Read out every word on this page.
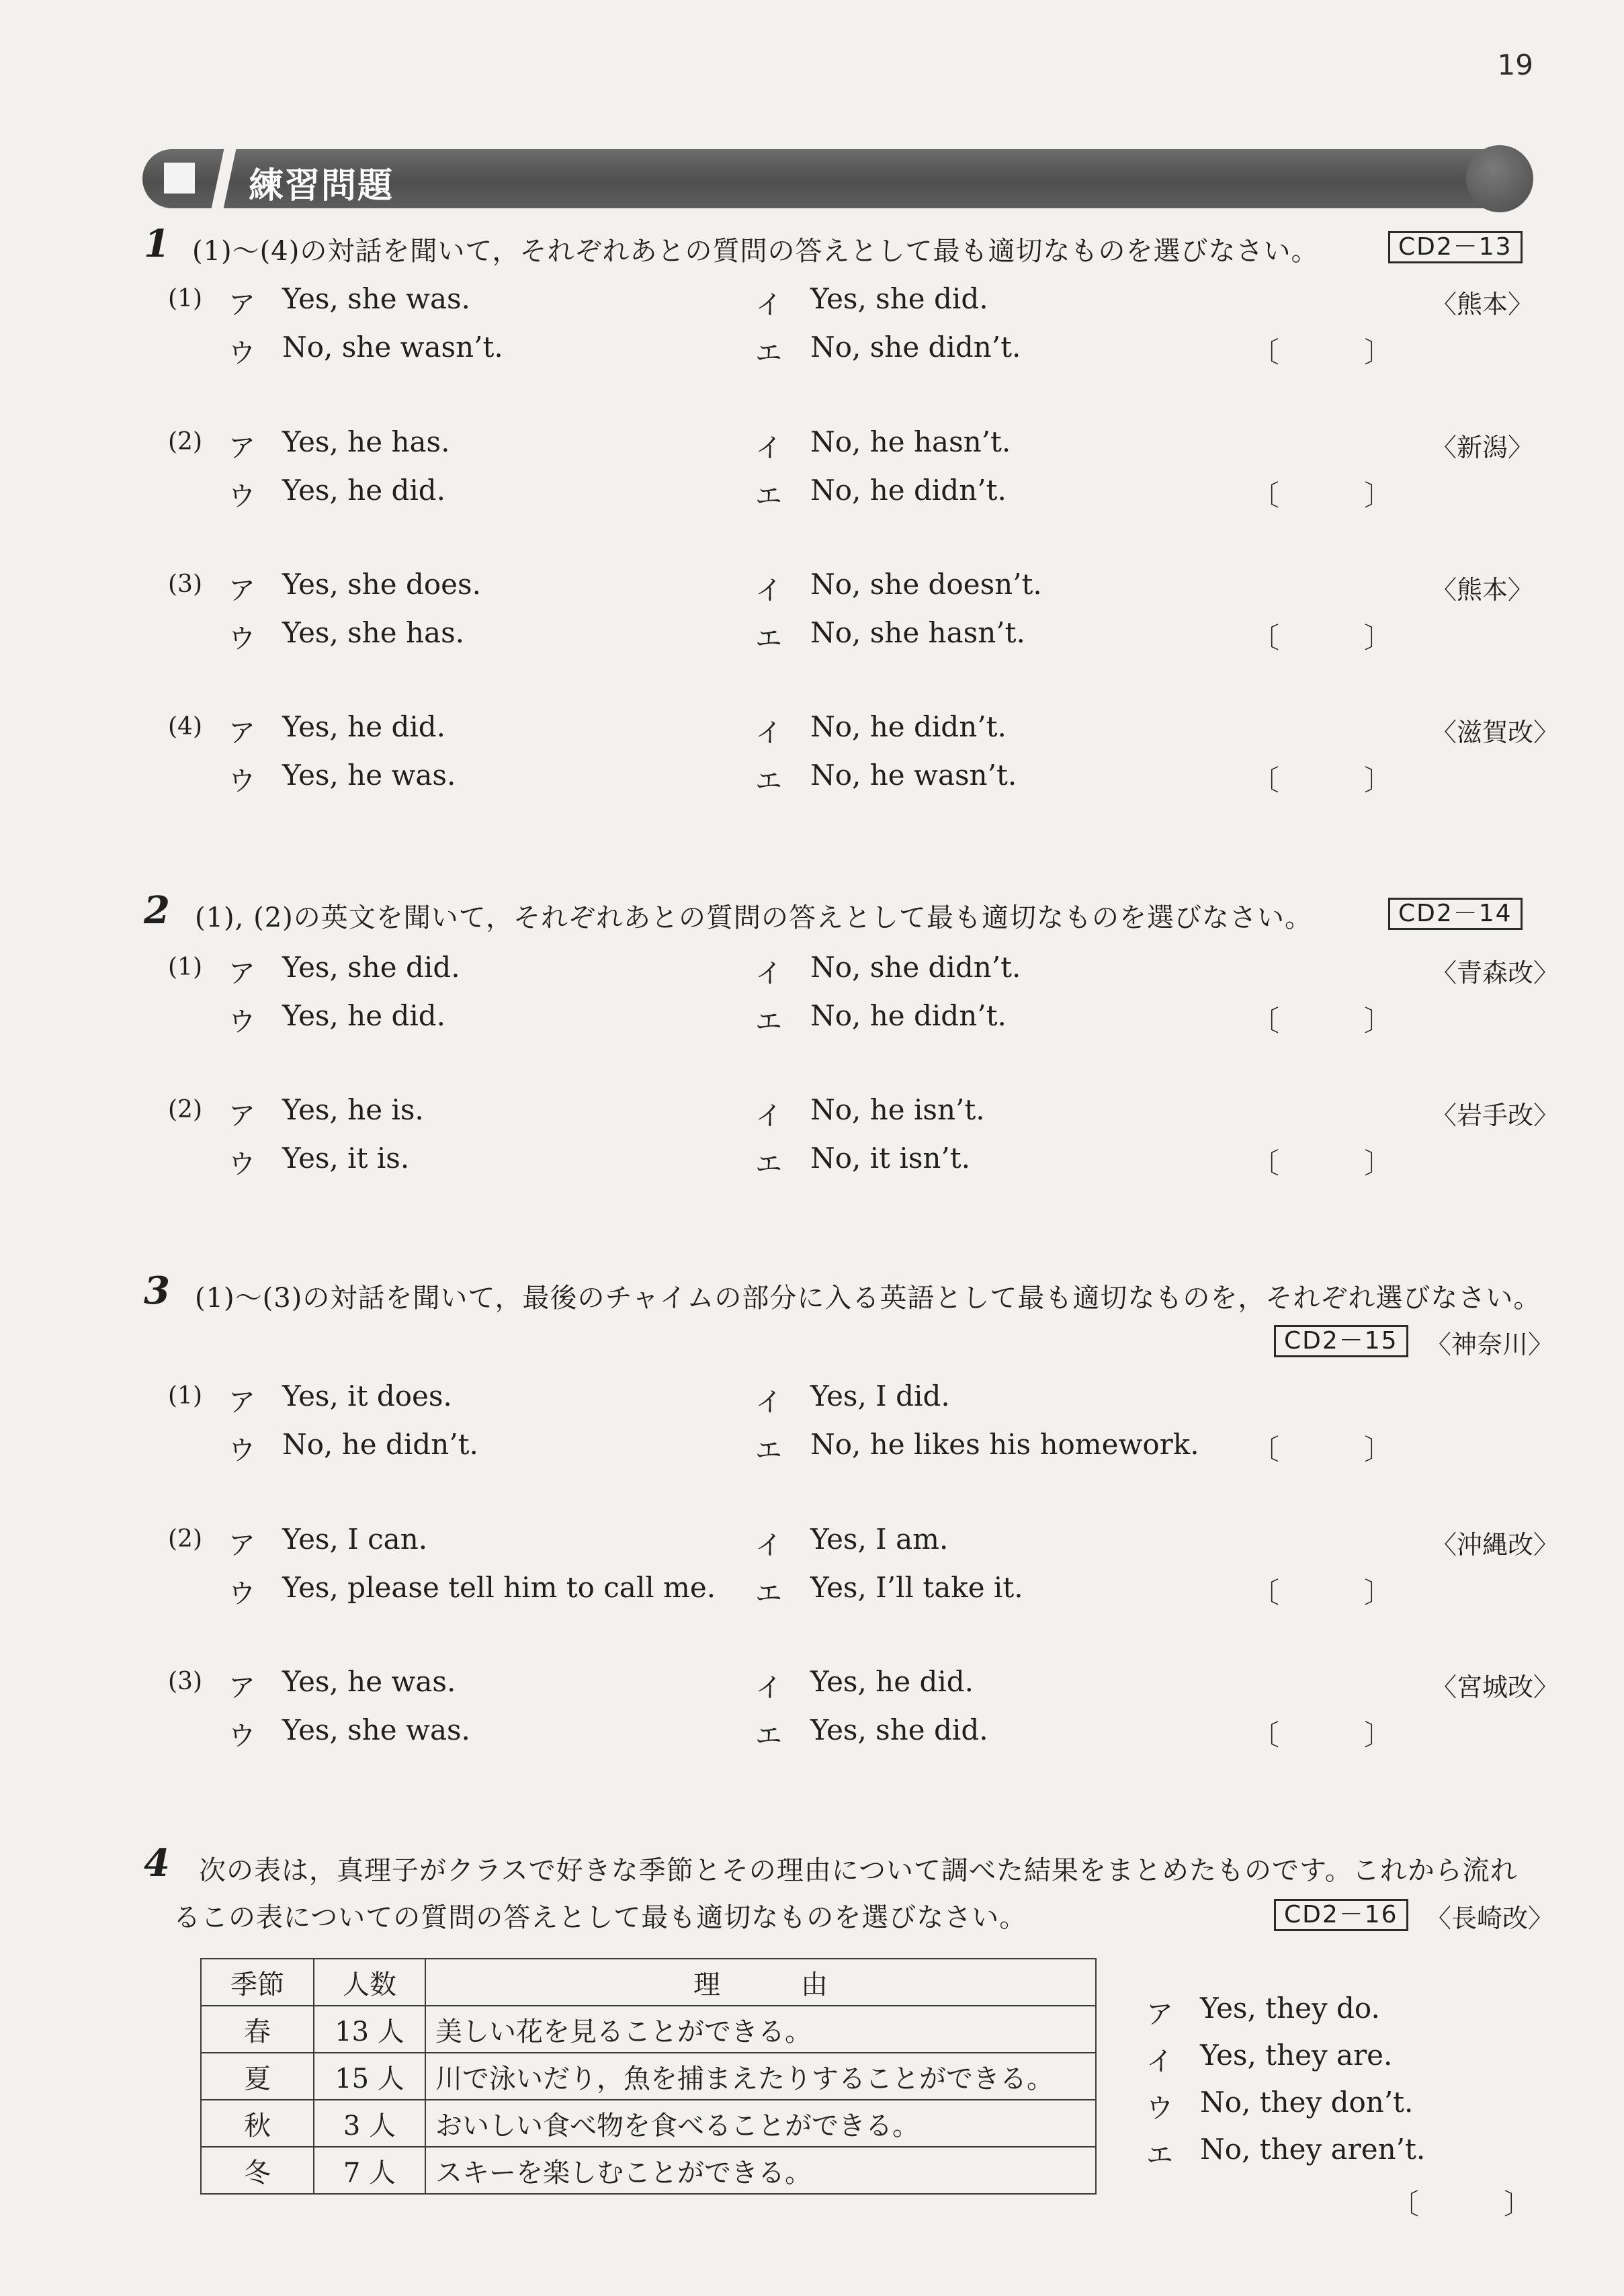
19
練習問題
1 (1)〜(4)の対話を聞いて，それぞれあとの質問の答えとして最も適切なものを選びなさい。	CD2－13
2 (1), (2)の英文を聞いて，それぞれあとの質問の答えとして最も適切なものを選びなさい。	CD2－14
3 (1)〜(3)の対話を聞いて，最後のチャイムの部分に入る英語として最も適切なものを，それぞれ選びなさい。
CD2－15	〈神奈川〉
4 次の表は，真理子がクラスで好きな季節とその理由について調べた結果をまとめたものです。これから流れ
るこの表についての質問の答えとして最も適切なものを選びなさい。	CD2－16	〈長崎改〉
季節	人数	理　　　由
春	13 人	美しい花を見ることができる。
夏	15 人	川で泳いだり，魚を捕まえたりすることができる。
秋	3 人	おいしい食べ物を食べることができる。
冬	7 人	スキーを楽しむことができる。
ア Yes, they do.
イ Yes, they are.
ウ No, they don’t.
エ No, they aren’t.
〔　　　〕
(1) ア Yes, she was.	イ Yes, she did.	〈熊本〉
ウ No, she wasn’t.	エ No, she didn’t.	〔　　　〕
(2) ア Yes, he has.	イ No, he hasn’t.	〈新潟〉
ウ Yes, he did.	エ No, he didn’t.	〔　　　〕
(3) ア Yes, she does.	イ No, she doesn’t.	〈熊本〉
ウ Yes, she has.	エ No, she hasn’t.	〔　　　〕
(4) ア Yes, he did.	イ No, he didn’t.	〈滋賀改〉
ウ Yes, he was.	エ No, he wasn’t.	〔　　　〕
(1) ア Yes, she did.	イ No, she didn’t.	〈青森改〉
ウ Yes, he did.	エ No, he didn’t.	〔　　　〕
(2) ア Yes, he is.	イ No, he isn’t.	〈岩手改〉
ウ Yes, it is.	エ No, it isn’t.	〔　　　〕
(1) ア Yes, it does.	イ Yes, I did.
ウ No, he didn’t.	エ No, he likes his homework. 〔　　　〕
(2) ア Yes, I can.	イ Yes, I am.	〈沖縄改〉
ウ Yes, please tell him to call me. エ Yes, I’ll take it.	〔　　　〕
(3) ア Yes, he was.	イ Yes, he did.	〈宮城改〉
ウ Yes, she was.	エ Yes, she did.	〔　　　〕
